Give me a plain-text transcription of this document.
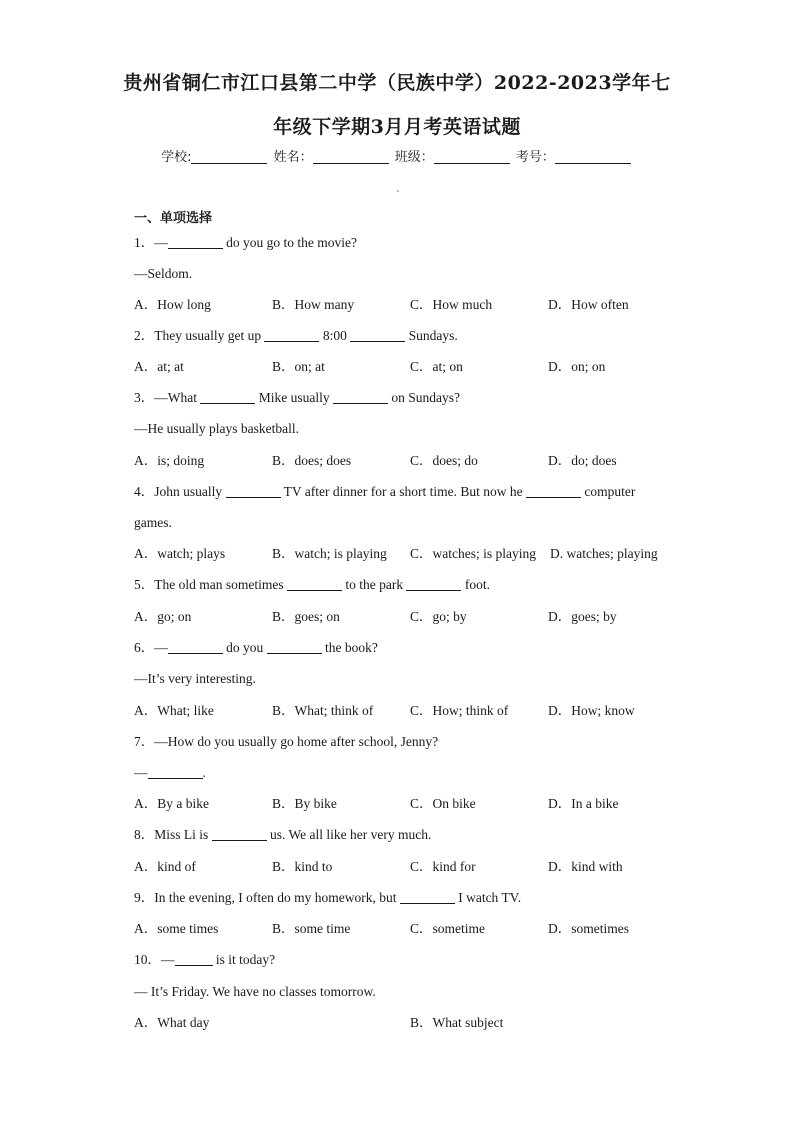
贵州省铜仁市江口县第二中学（民族中学）2022-2023学年七
年级下学期3月月考英语试题
学校:	姓名：	班级：	考号：
一、单项选择
1．—	do you go to the movie?
—Seldom.
A．How long	B．How many	C．How much	D．How often
2．They usually get up	8:00	Sundays.
A．at; at	B．on; at	C．at; on	D．on; on
3．—What	Mike usually	on Sundays?
—He usually plays basketball.
A．is; doing	B．does; does	C．does; do	D．do; does
4．John usually	TV after dinner for a short time. But now he	computer
games.
A．watch; plays	B．watch; is playing C．watches; is playing D. watches; playing
5．The old man sometimes	to the park	foot.
A．go; on	B．goes; on	C．go; by	D．goes; by
6．—	do you	the book?
—It’s very interesting.
A．What; like	B．What; think of	C．How; think of	D．How; know
7．—How do you usually go home after school, Jenny?
—	.
A．By a bike	B．By bike	C．On bike	D．In a bike
8．Miss Li is	us. We all like her very much.
A．kind of	B．kind to	C．kind for	D．kind with
9．In the evening, I often do my homework, but	I watch TV.
A．some times	B．some time	C．sometime	D．sometimes
10．—	is it today?
— It’s Friday. We have no classes tomorrow.
A．What day	B．What subject
